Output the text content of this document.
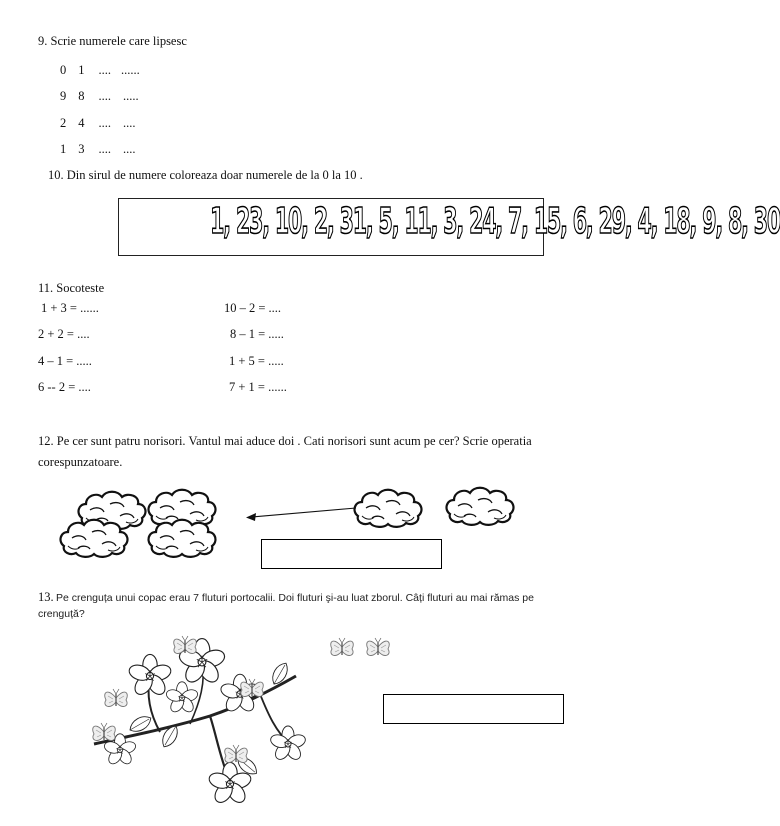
9. Scrie numerele care lipsesc
0 1 .... ......
9 8 .... .....
2 4 .... ....
1 3 .... ....
10. Din sirul de numere coloreaza doar numerele de la 0 la 10 .
1, 23, 10, 2, 31, 5, 11, 3, 24, 7, 15, 6, 29, 4, 18, 9, 8, 30
11. Socoteste
1 + 3 = ......
2 + 2 = ....
4 – 1 = .....
6 -- 2 = ....
10 – 2 = ....
8 – 1 = .....
1 + 5 = .....
7 + 1 = ......
12. Pe cer sunt patru norisori. Vantul mai aduce doi . Cati norisori sunt acum pe cer? Scrie operatia
corespunzatoare.
13. Pe crenguța unui copac erau 7 fluturi portocalii. Doi fluturi şi-au luat zborul. Câți fluturi au mai rămas pe
crenguță?
